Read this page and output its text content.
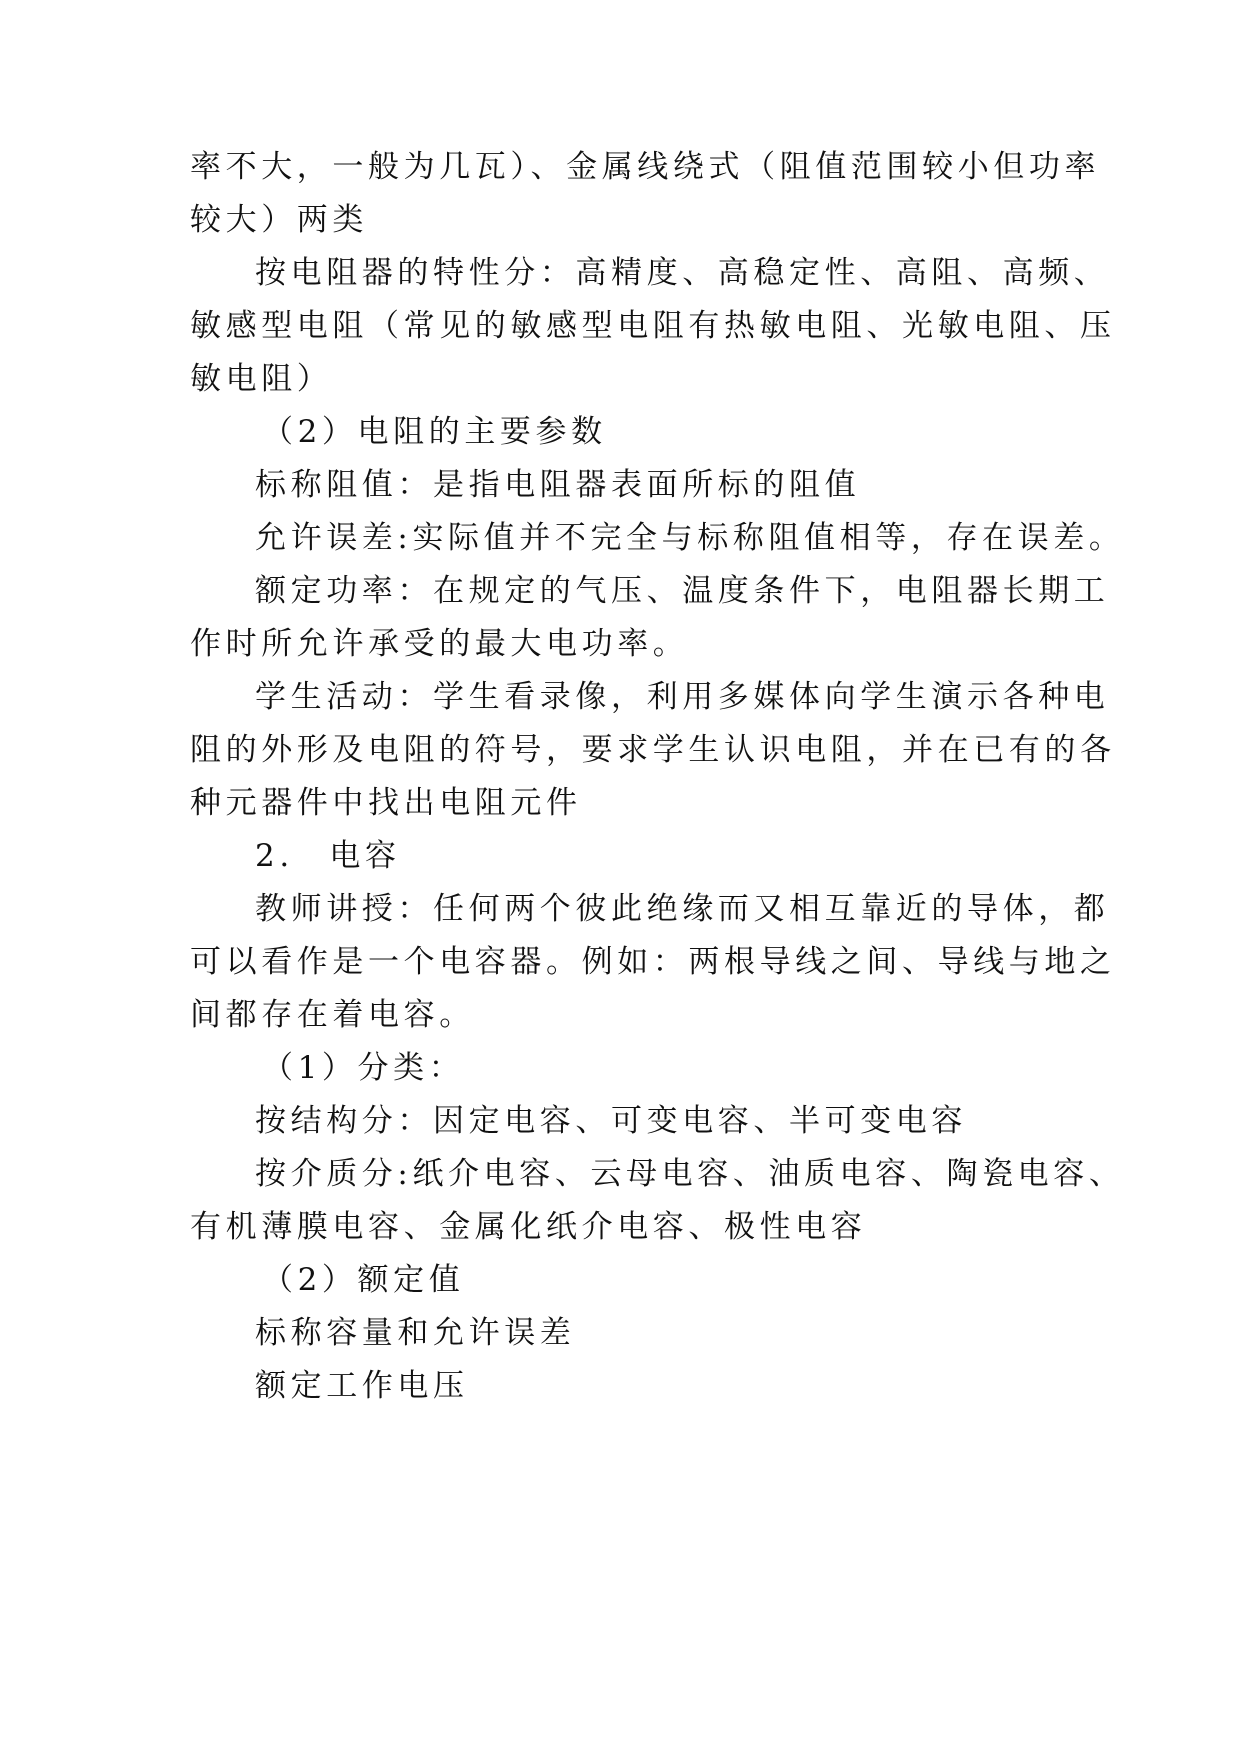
率不大，一般为几瓦）、金属线绕式（阻值范围较小但功率
较大）两类
按电阻器的特性分：高精度、高稳定性、高阻、高频、
敏感型电阻（常见的敏感型电阻有热敏电阻、光敏电阻、压
敏电阻）
（2）电阻的主要参数
标称阻值：是指电阻器表面所标的阻值
允许误差:实际值并不完全与标称阻值相等，存在误差。
额定功率：在规定的气压、温度条件下，电阻器长期工
作时所允许承受的最大电功率。
学生活动：学生看录像，利用多媒体向学生演示各种电
阻的外形及电阻的符号，要求学生认识电阻，并在已有的各
种元器件中找出电阻元件
2.　电容
教师讲授：任何两个彼此绝缘而又相互靠近的导体，都
可以看作是一个电容器。例如：两根导线之间、导线与地之
间都存在着电容。
（1）分类：
按结构分：因定电容、可变电容、半可变电容
按介质分:纸介电容、云母电容、油质电容、陶瓷电容、
有机薄膜电容、金属化纸介电容、极性电容
（2）额定值
标称容量和允许误差
额定工作电压
